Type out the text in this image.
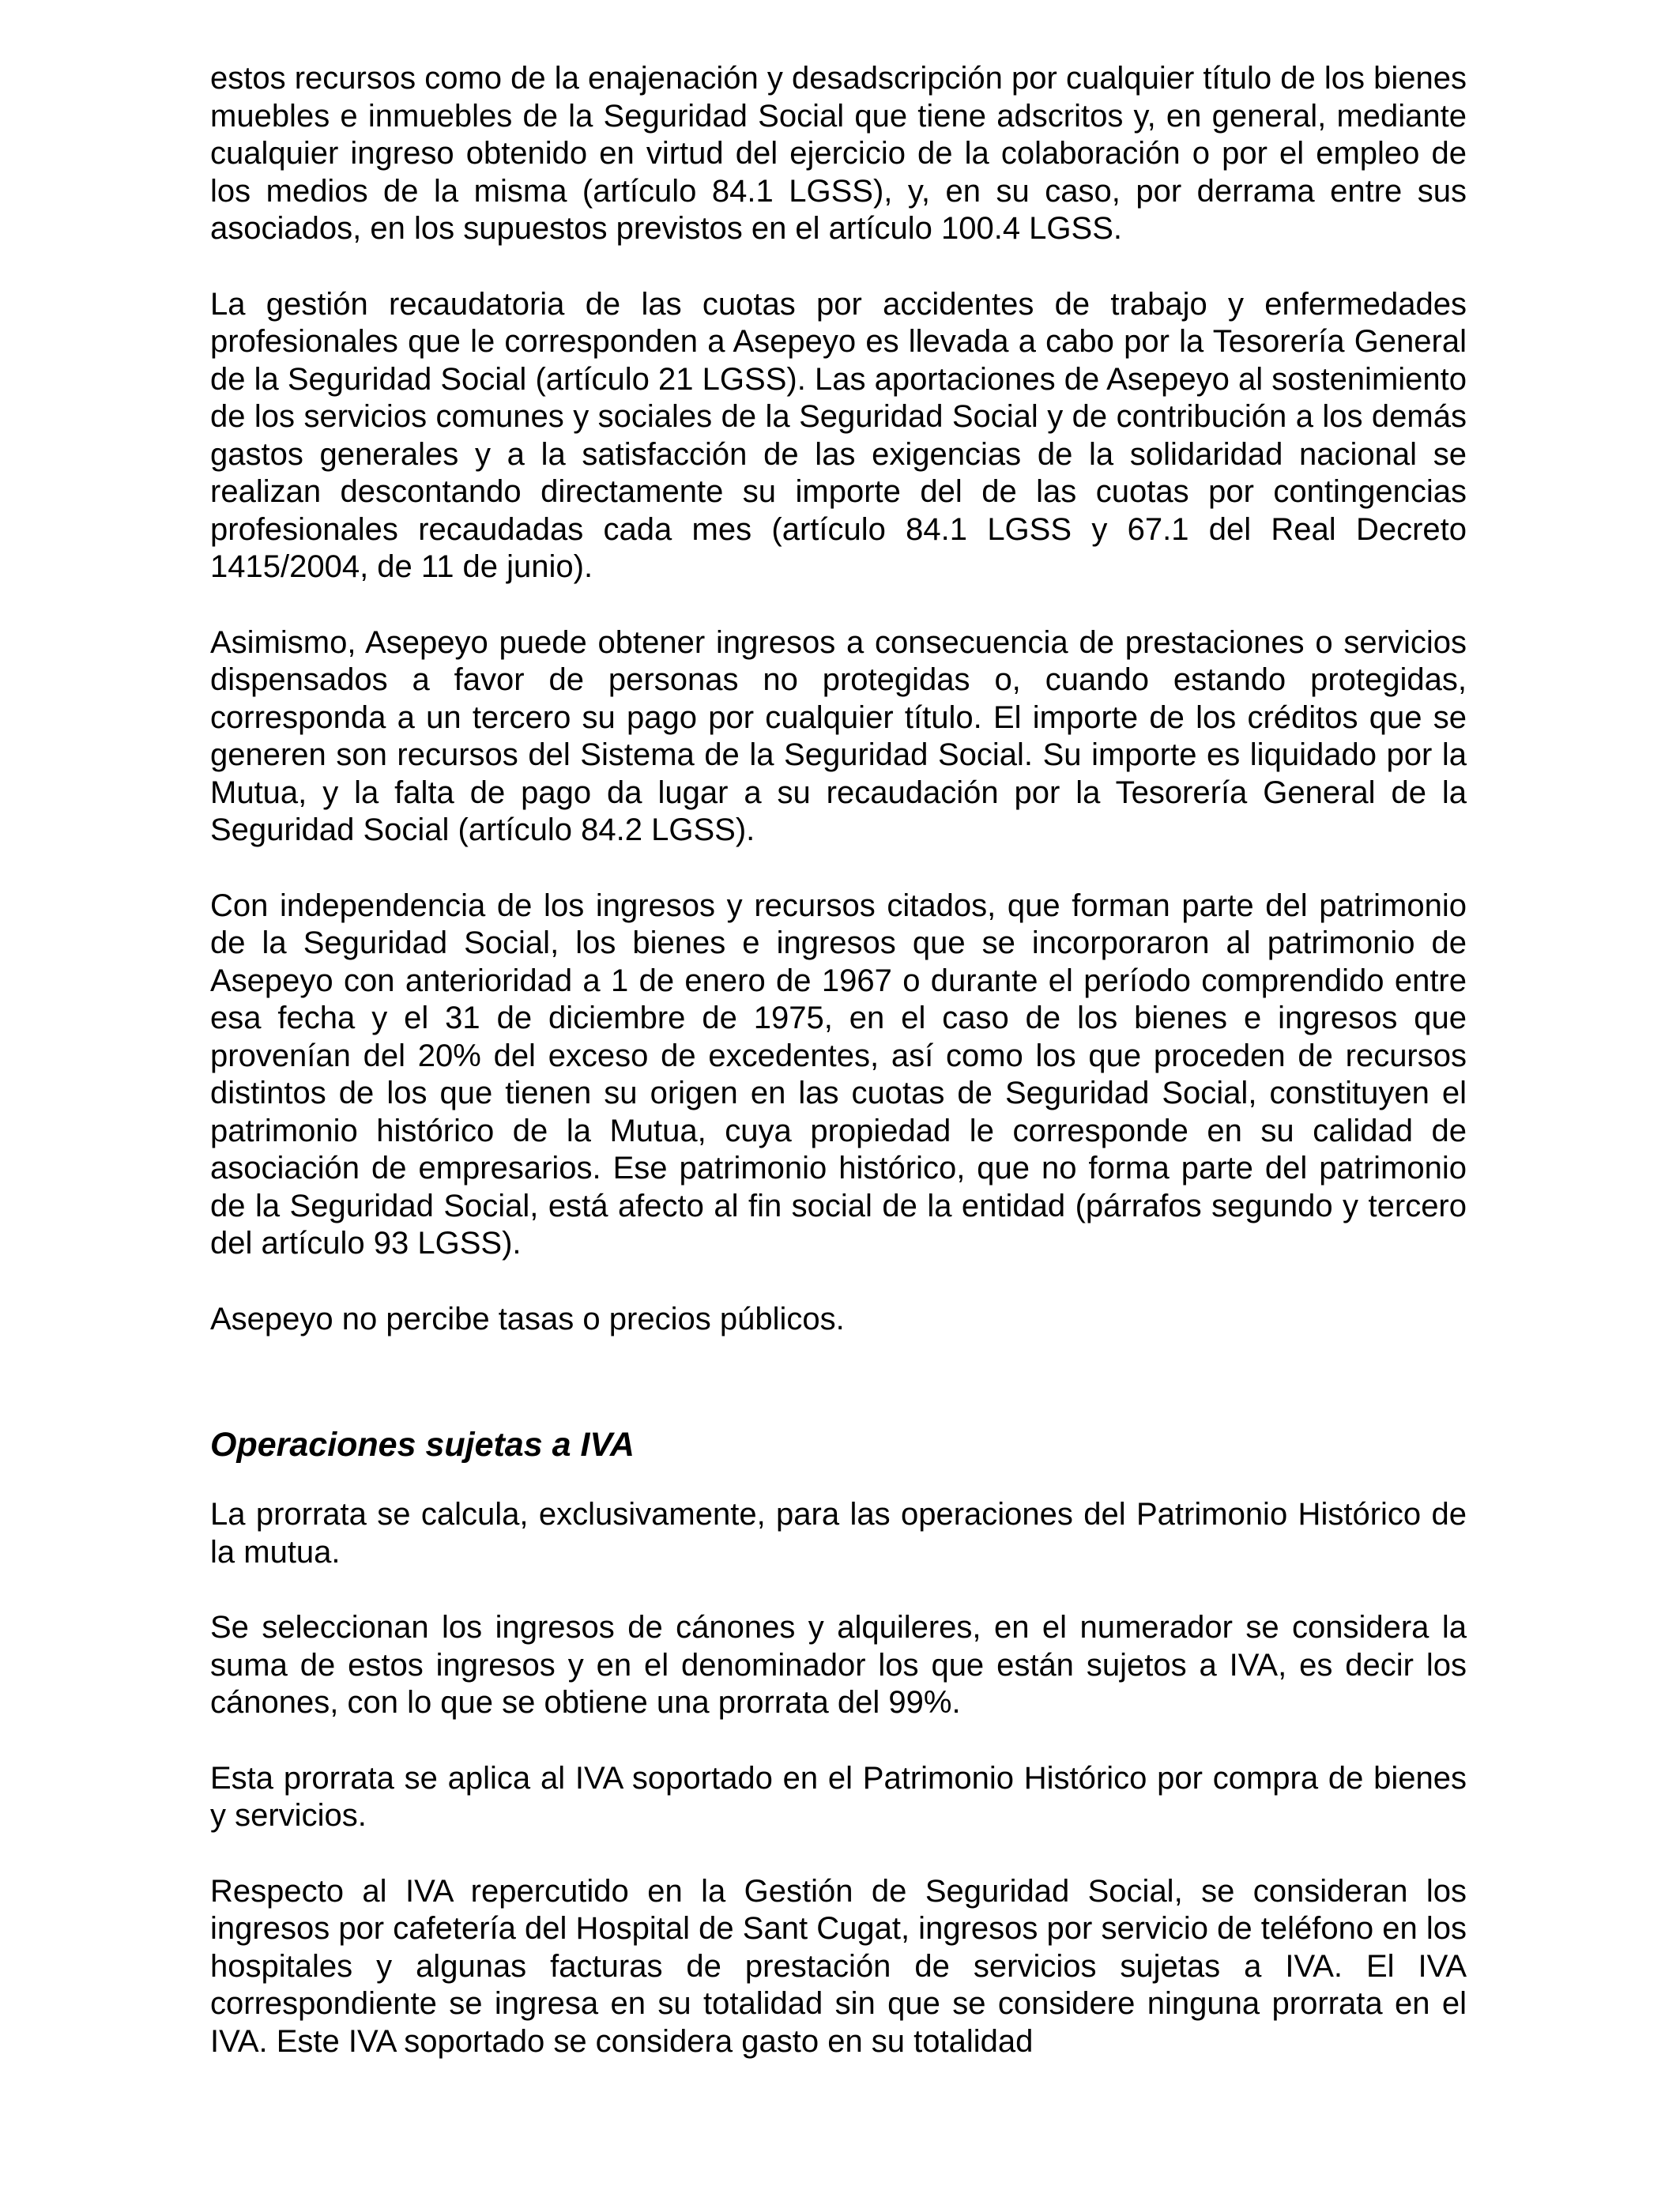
estos recursos como de la enajenación y desadscripción por cualquier título de los bienes muebles e inmuebles de la Seguridad Social que tiene adscritos y, en general, mediante cualquier ingreso obtenido en virtud del ejercicio de la colaboración o por el empleo de los medios de la misma (artículo 84.1 LGSS), y, en su caso, por derrama entre sus asociados, en los supuestos previstos en el artículo 100.4 LGSS.

La gestión recaudatoria de las cuotas por accidentes de trabajo y enfermedades profesionales que le corresponden a Asepeyo es llevada a cabo por la Tesorería General de la Seguridad Social (artículo 21 LGSS). Las aportaciones de Asepeyo al sostenimiento de los servicios comunes y sociales de la Seguridad Social y de contribución a los demás gastos generales y a la satisfacción de las exigencias de la solidaridad nacional se realizan descontando directamente su importe del de las cuotas por contingencias profesionales recaudadas cada mes (artículo 84.1 LGSS y 67.1 del Real Decreto 1415/2004, de 11 de junio).

Asimismo, Asepeyo puede obtener ingresos a consecuencia de prestaciones o servicios dispensados a favor de personas no protegidas o, cuando estando protegidas, corresponda a un tercero su pago por cualquier título. El importe de los créditos que se generen son recursos del Sistema de la Seguridad Social. Su importe es liquidado por la Mutua, y la falta de pago da lugar a su recaudación por la Tesorería General de la Seguridad Social (artículo 84.2 LGSS).

Con independencia de los ingresos y recursos citados, que forman parte del patrimonio de la Seguridad Social, los bienes e ingresos que se incorporaron al patrimonio de Asepeyo con anterioridad a 1 de enero de 1967 o durante el período comprendido entre esa fecha y el 31 de diciembre de 1975, en el caso de los bienes e ingresos que provenían del 20% del exceso de excedentes, así como los que proceden de recursos distintos de los que tienen su origen en las cuotas de Seguridad Social, constituyen el patrimonio histórico de la Mutua, cuya propiedad le corresponde en su calidad de asociación de empresarios. Ese patrimonio histórico, que no forma parte del patrimonio de la Seguridad Social, está afecto al fin social de la entidad (párrafos segundo y tercero del artículo 93 LGSS).

Asepeyo no percibe tasas o precios públicos.

Operaciones sujetas a IVA

La prorrata se calcula, exclusivamente, para las operaciones del Patrimonio Histórico de la mutua.

Se seleccionan los ingresos de cánones y alquileres, en el numerador se considera la suma de estos ingresos y en el denominador los que están sujetos a IVA, es decir los cánones, con lo que se obtiene una prorrata del 99%.

Esta prorrata se aplica al IVA soportado en el Patrimonio Histórico por compra de bienes y servicios.

Respecto al IVA repercutido en la Gestión de Seguridad Social, se consideran los ingresos por cafetería del Hospital de Sant Cugat, ingresos por servicio de teléfono en los hospitales y algunas facturas de prestación de servicios sujetas a IVA. El IVA correspondiente se ingresa en su totalidad sin que se considere ninguna prorrata en el IVA. Este IVA soportado se considera gasto en su totalidad
